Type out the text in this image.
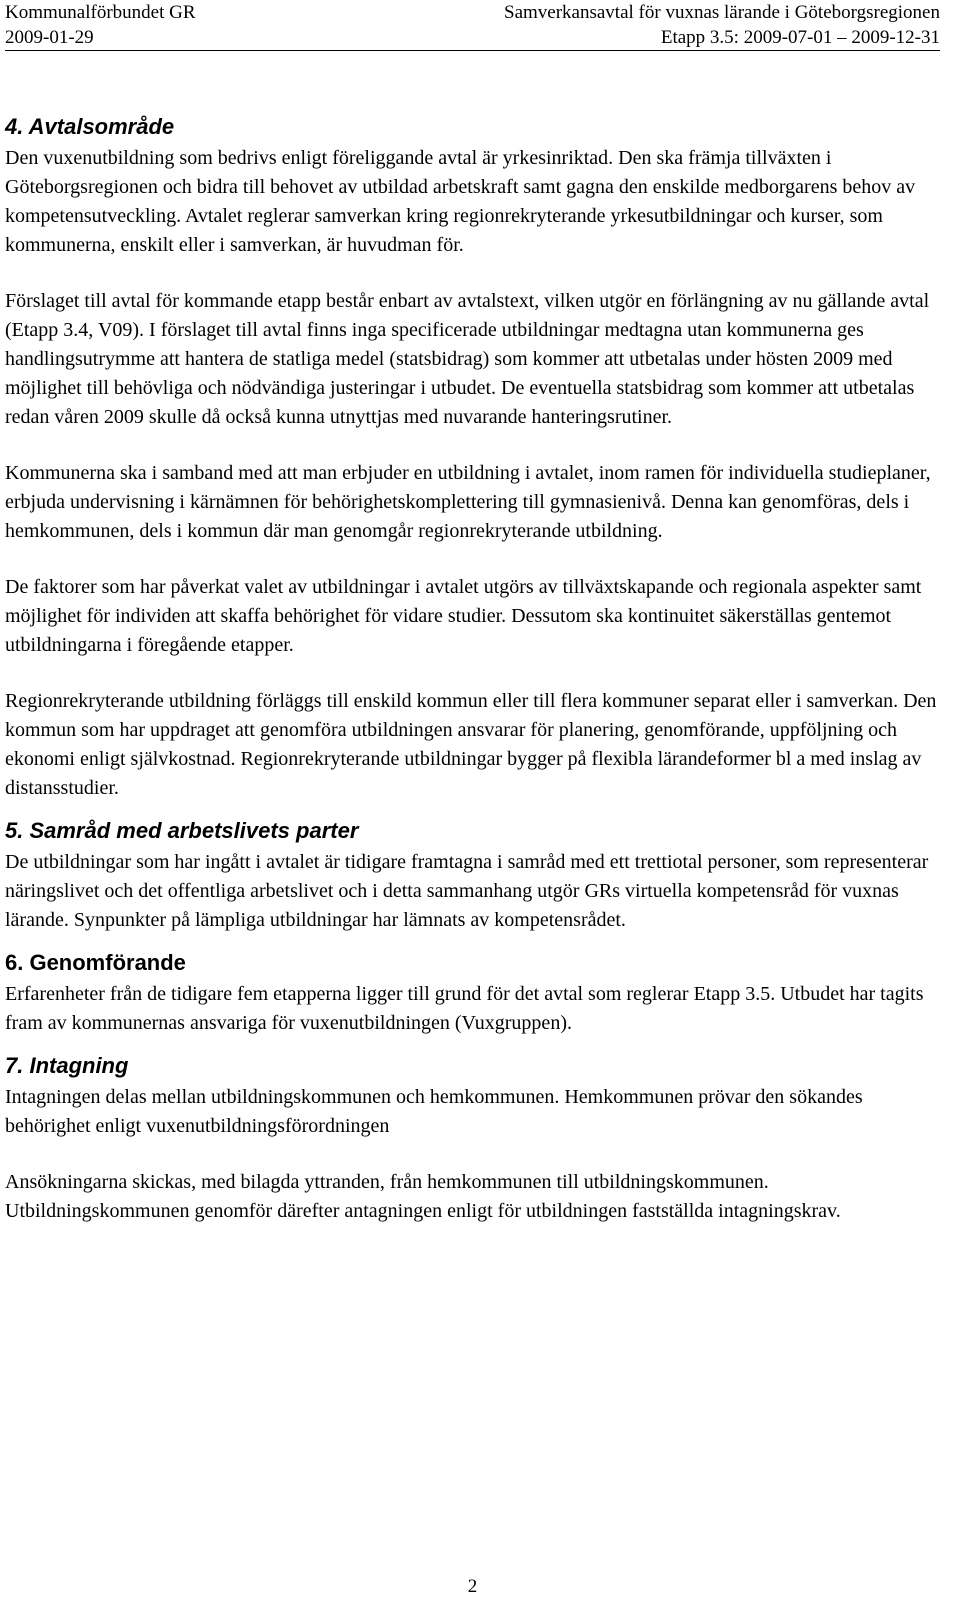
Kommunalförbundet GR	Samverkansavtal för vuxnas lärande i Göteborgsregionen
2009-01-29	Etapp 3.5: 2009-07-01 – 2009-12-31
4. Avtalsområde

Den vuxenutbildning som bedrivs enligt föreliggande avtal är yrkesinriktad. Den ska främja tillväxten i Göteborgsregionen och bidra till behovet av utbildad arbetskraft samt gagna den enskilde medborgarens behov av kompetensutveckling. Avtalet reglerar samverkan kring regionrekryterande yrkesutbildningar och kurser, som kommunerna, enskilt eller i samverkan, är huvudman för.

Förslaget till avtal för kommande etapp består enbart av avtalstext, vilken utgör en förlängning av nu gällande avtal (Etapp 3.4, V09). I förslaget till avtal finns inga specificerade utbildningar medtagna utan kommunerna ges handlingsutrymme att hantera de statliga medel (statsbidrag) som kommer att utbetalas under hösten 2009 med möjlighet till behövliga och nödvändiga justeringar i utbudet. De eventuella statsbidrag som kommer att utbetalas redan våren 2009 skulle då också kunna utnyttjas med nuvarande hanteringsrutiner.

Kommunerna ska i samband med att man erbjuder en utbildning i avtalet, inom ramen för individuella studieplaner, erbjuda undervisning i kärnämnen för behörighetskomplettering till gymnasienivå. Denna kan genomföras, dels i hemkommunen, dels i kommun där man genomgår regionrekryterande utbildning.

De faktorer som har påverkat valet av utbildningar i avtalet utgörs av tillväxtskapande och regionala aspekter samt möjlighet för individen att skaffa behörighet för vidare studier. Dessutom ska kontinuitet säkerställas gentemot utbildningarna i föregående etapper.

Regionrekryterande utbildning förläggs till enskild kommun eller till flera kommuner separat eller i samverkan. Den kommun som har uppdraget att genomföra utbildningen ansvarar för planering, genomförande, uppföljning och ekonomi enligt självkostnad. Regionrekryterande utbildningar bygger på flexibla lärandeformer bl a med inslag av distansstudier.

5. Samråd med arbetslivets parter

De utbildningar som har ingått i avtalet är tidigare framtagna i samråd med ett trettiotal personer, som representerar näringslivet och det offentliga arbetslivet och i detta sammanhang utgör GRs virtuella kompetensråd för vuxnas lärande. Synpunkter på lämpliga utbildningar har lämnats av kompetensrådet.

6. Genomförande

Erfarenheter från de tidigare fem etapperna ligger till grund för det avtal som reglerar Etapp 3.5. Utbudet har tagits fram av kommunernas ansvariga för vuxenutbildningen (Vuxgruppen).

7. Intagning

Intagningen delas mellan utbildningskommunen och hemkommunen. Hemkommunen prövar den sökandes behörighet enligt vuxenutbildningsförordningen

Ansökningarna skickas, med bilagda yttranden, från hemkommunen till utbildningskommunen. Utbildningskommunen genomför därefter antagningen enligt för utbildningen fastställda intagningskrav.

2
